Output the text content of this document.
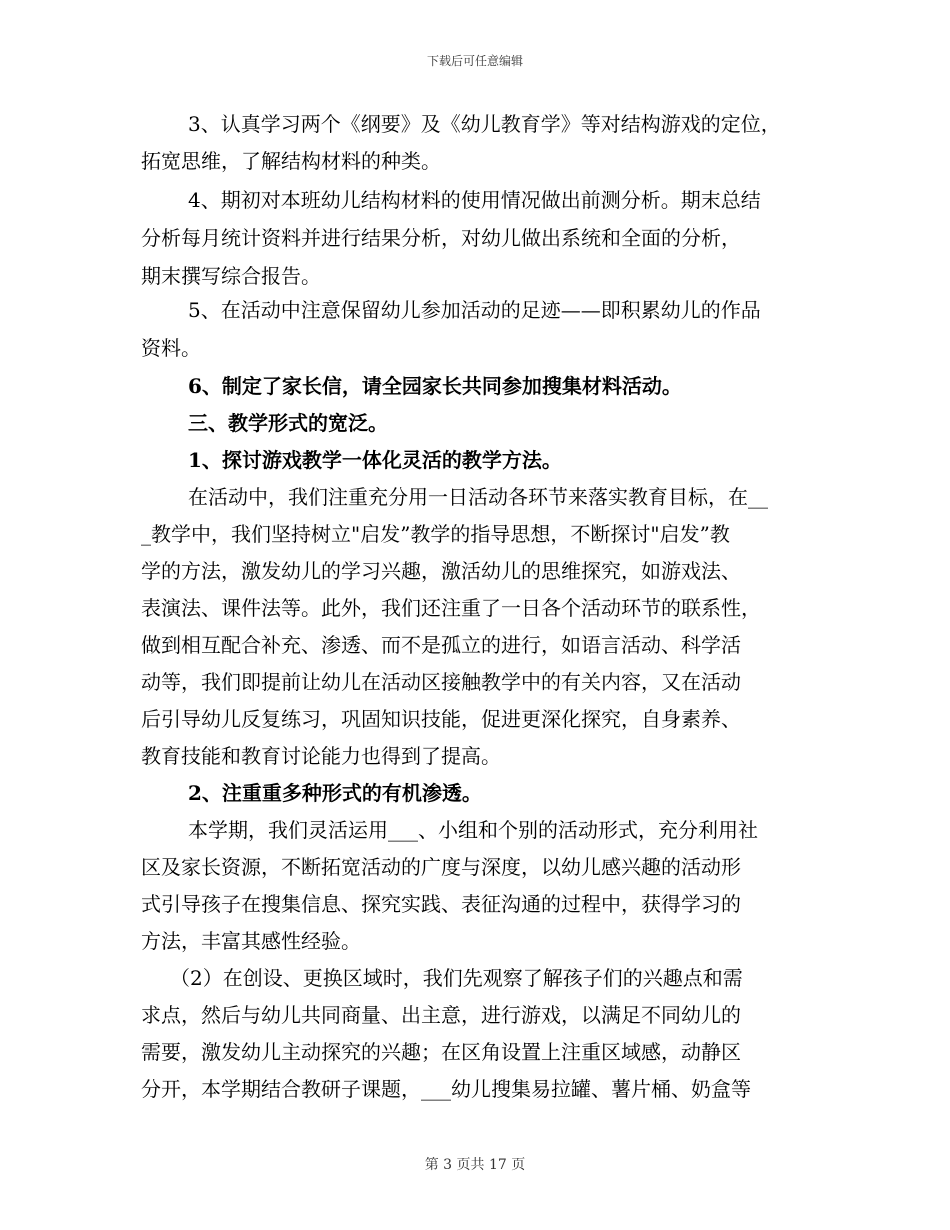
下载后可任意编辑
3、认真学习两个《纲要》及《幼儿教育学》等对结构游戏的定位，
拓宽思维，了解结构材料的种类。
4、期初对本班幼儿结构材料的使用情况做出前测分析。期末总结
分析每月统计资料并进行结果分析，对幼儿做出系统和全面的分析，
期末撰写综合报告。
5、在活动中注意保留幼儿参加活动的足迹——即积累幼儿的作品
资料。
6、制定了家长信，请全园家长共同参加搜集材料活动。
三、教学形式的宽泛。
1、探讨游戏教学一体化灵活的教学方法。
在活动中，我们注重充分用一日活动各环节来落实教育目标，在__
_教学中，我们坚持树立"启发”教学的指导思想，不断探讨"启发”教
学的方法，激发幼儿的学习兴趣，激活幼儿的思维探究，如游戏法、
表演法、课件法等。此外，我们还注重了一日各个活动环节的联系性，
做到相互配合补充、渗透、而不是孤立的进行，如语言活动、科学活
动等，我们即提前让幼儿在活动区接触教学中的有关内容，又在活动
后引导幼儿反复练习，巩固知识技能，促进更深化探究，自身素养、
教育技能和教育讨论能力也得到了提高。
2、注重重多种形式的有机渗透。
本学期，我们灵活运用___、小组和个别的活动形式，充分利用社
区及家长资源，不断拓宽活动的广度与深度，以幼儿感兴趣的活动形
式引导孩子在搜集信息、探究实践、表征沟通的过程中，获得学习的
方法，丰富其感性经验。
（2）在创设、更换区域时，我们先观察了解孩子们的兴趣点和需
求点，然后与幼儿共同商量、出主意，进行游戏，以满足不同幼儿的
需要，激发幼儿主动探究的兴趣；在区角设置上注重区域感，动静区
分开，本学期结合教研子课题，___幼儿搜集易拉罐、薯片桶、奶盒等
第 3 页共 17 页
